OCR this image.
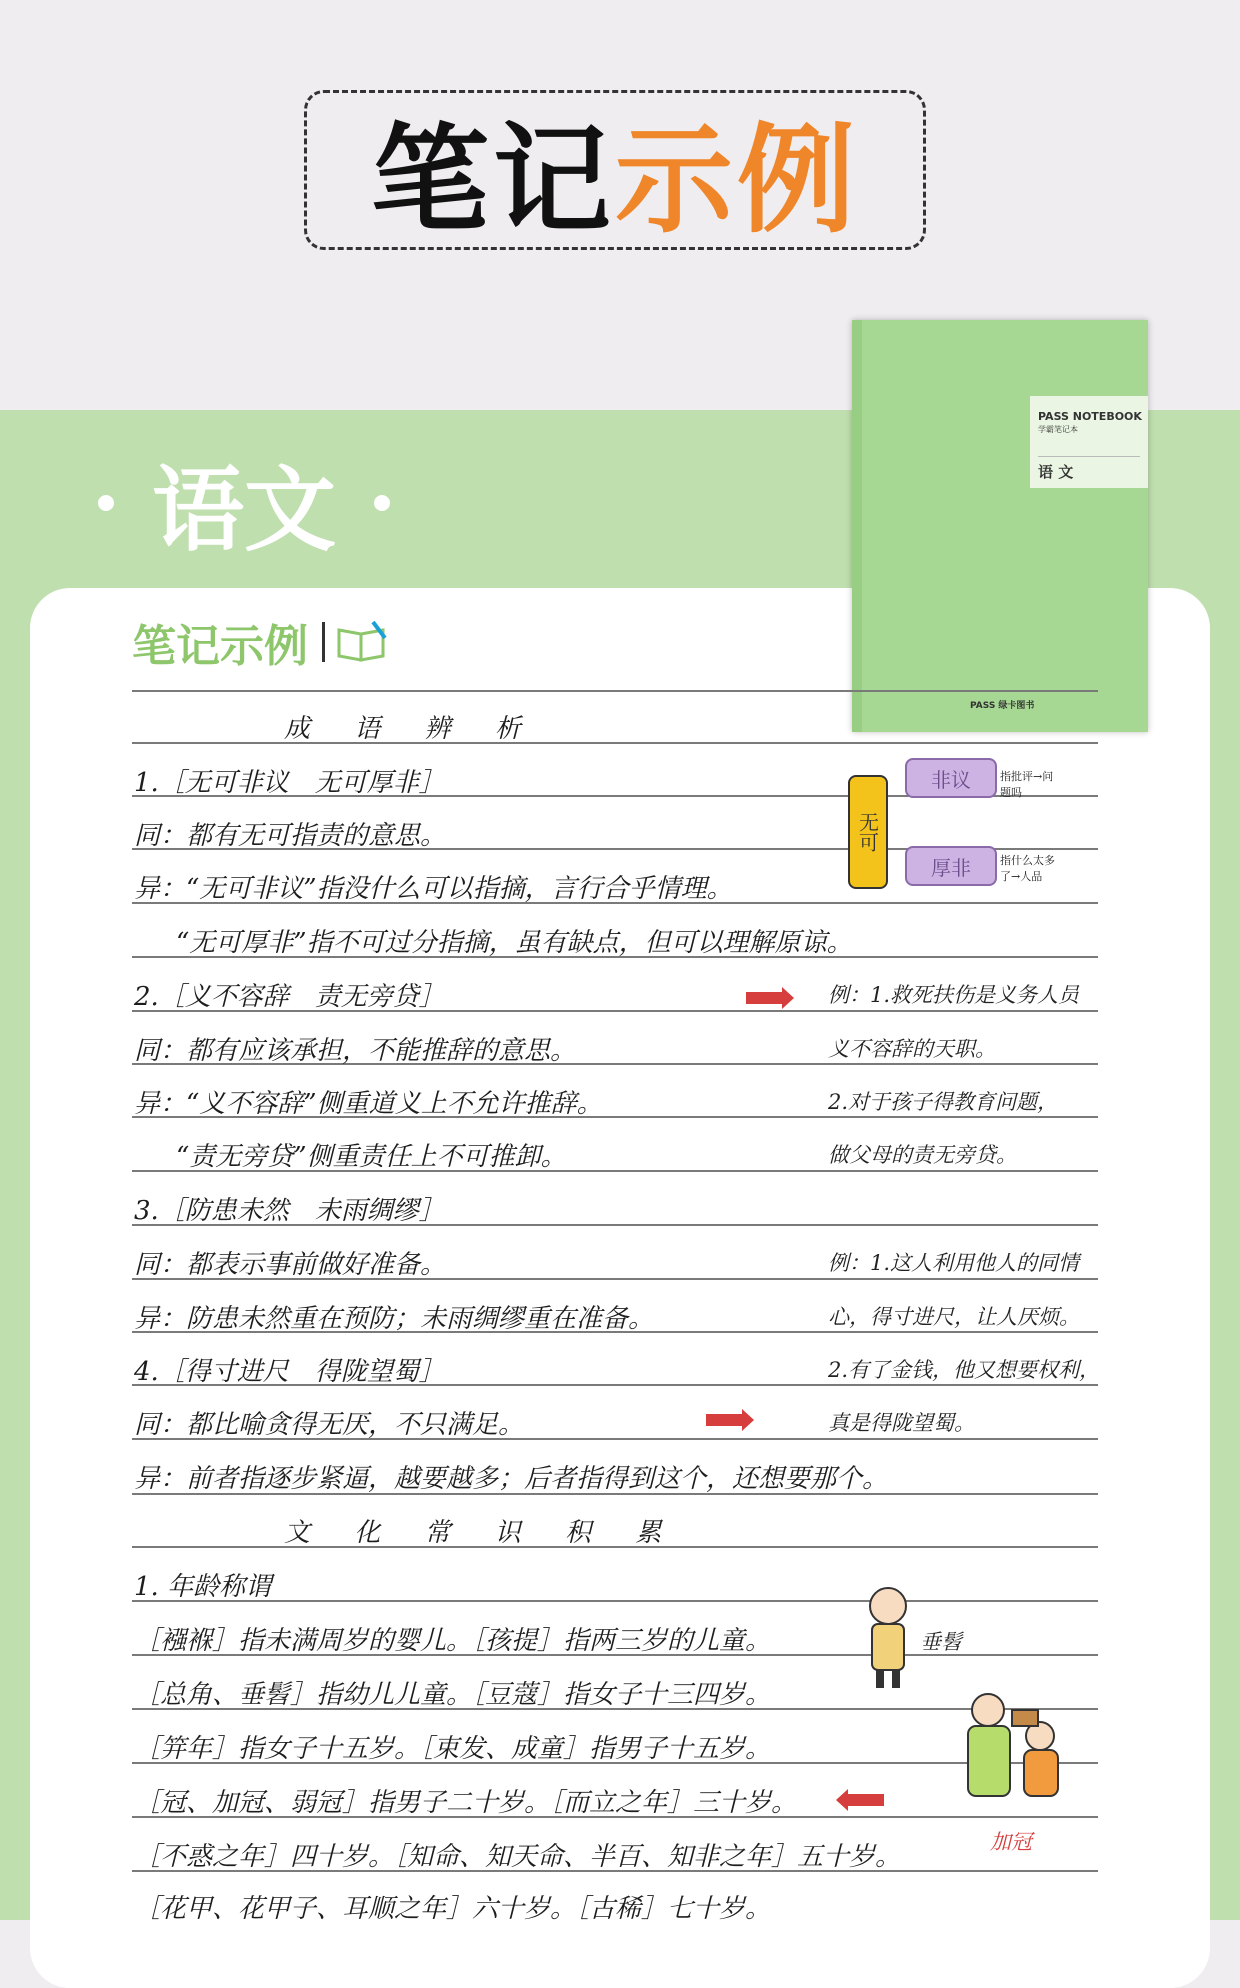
笔记 示例
语文
笔记示例
PASS NOTEBOOK
学霸笔记本
语 文
PASS 绿卡图书
成 语 辨 析
1.［无可非议　无可厚非］
同：都有无可指责的意思。
异：“无可非议”指没什么可以指摘，言行合乎情理。
　“无可厚非”指不可过分指摘，虽有缺点，但可以理解原谅。
2.［义不容辞　责无旁贷］
同：都有应该承担，不能推辞的意思。
异：“义不容辞”侧重道义上不允许推辞。
　“责无旁贷”侧重责任上不可推卸。
3.［防患未然　未雨绸缪］
同：都表示事前做好准备。
异：防患未然重在预防；未雨绸缪重在准备。
4.［得寸进尺　得陇望蜀］
同：都比喻贪得无厌，不只满足。
异：前者指逐步紧逼，越要越多；后者指得到这个，还想要那个。
例：1.救死扶伤是义务人员
义不容辞的天职。
2.对于孩子得教育问题，
做父母的责无旁贷。
例：1.这人利用他人的同情
心，得寸进尺，让人厌烦。
2.有了金钱，他又想要权利，
真是得陇望蜀。
无可
非议
厚非
指批评→问题吗
指什么太多了→人品
文 化 常 识 积 累
1. 年龄称谓
［襁褓］指未满周岁的婴儿。［孩提］指两三岁的儿童。
［总角、垂髫］指幼儿儿童。［豆蔻］指女子十三四岁。
［笄年］指女子十五岁。［束发、成童］指男子十五岁。
［冠、加冠、弱冠］指男子二十岁。［而立之年］三十岁。
［不惑之年］四十岁。［知命、知天命、半百、知非之年］五十岁。
［花甲、花甲子、耳顺之年］六十岁。［古稀］七十岁。
垂髫
加冠
